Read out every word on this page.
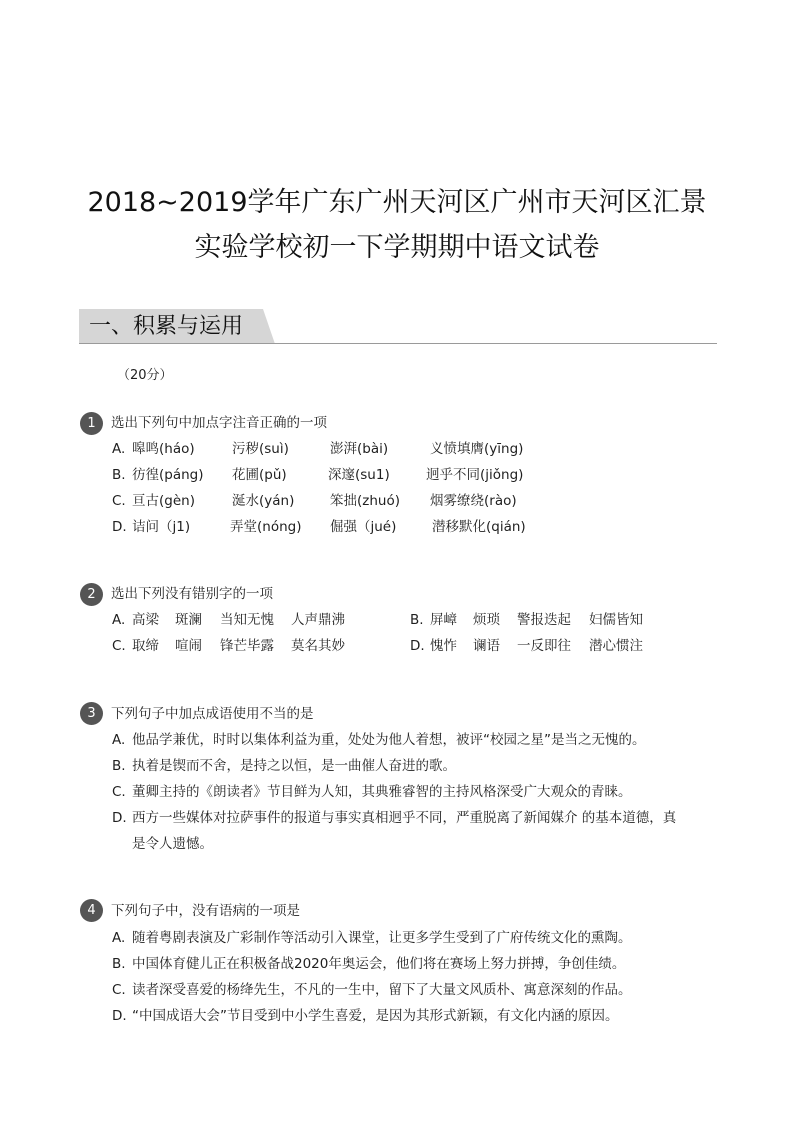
2018~2019学年广东广州天河区广州市天河区汇景
实验学校初一下学期期中语文试卷
一、积累与运用
（20分）
1	选出下列句中加点字注音正确的一项
A. 嗥鸣(háo)	污秽(suì)	澎湃(bài)	义愤填膺(yīng)
B. 彷徨(páng) 花圃(pǔ)	深邃(su1)	迥乎不同(jiǒng)
C. 亘古(gèn)	涎水(yán)	笨拙(zhuó) 烟雾缭绕(rào)
D. 诘问（j1)	弄堂(nóng) 倔强（jué)	潜移默化(qián)
2	选出下列没有错别字的一项
A. 高梁 斑澜 当知无愧 人声鼎沸	B. 屏嶂 烦琐 警报迭起 妇儒皆知
C. 取缔 喧闹 锋芒毕露 莫名其妙	D. 愧怍 谰语 一反即往 潜心惯注
3	下列句子中加点成语使用不当的是
A. 他品学兼优，时时以集体利益为重，处处为他人着想，被评“校园之星”是当之无愧的。
B. 执着是锲而不舍，是持之以恒，是一曲催人奋进的歌。
C. 董卿主持的《朗读者》节目鲜为人知，其典雅睿智的主持风格深受广大观众的青睐。
D. 西方一些媒体对拉萨事件的报道与事实真相迥乎不同，严重脱离了新闻媒介 的基本道德，真
是令人遗憾。
4	下列句子中，没有语病的一项是
A. 随着粤剧表演及广彩制作等活动引入课堂，让更多学生受到了广府传统文化的熏陶。
B. 中国体育健儿正在积极备战2020年奥运会，他们将在赛场上努力拼搏，争创佳绩。
C. 读者深受喜爱的杨绛先生，不凡的一生中，留下了大量文风质朴、寓意深刻的作品。
D. “中国成语大会”节目受到中小学生喜爱，是因为其形式新颖，有文化内涵的原因。
